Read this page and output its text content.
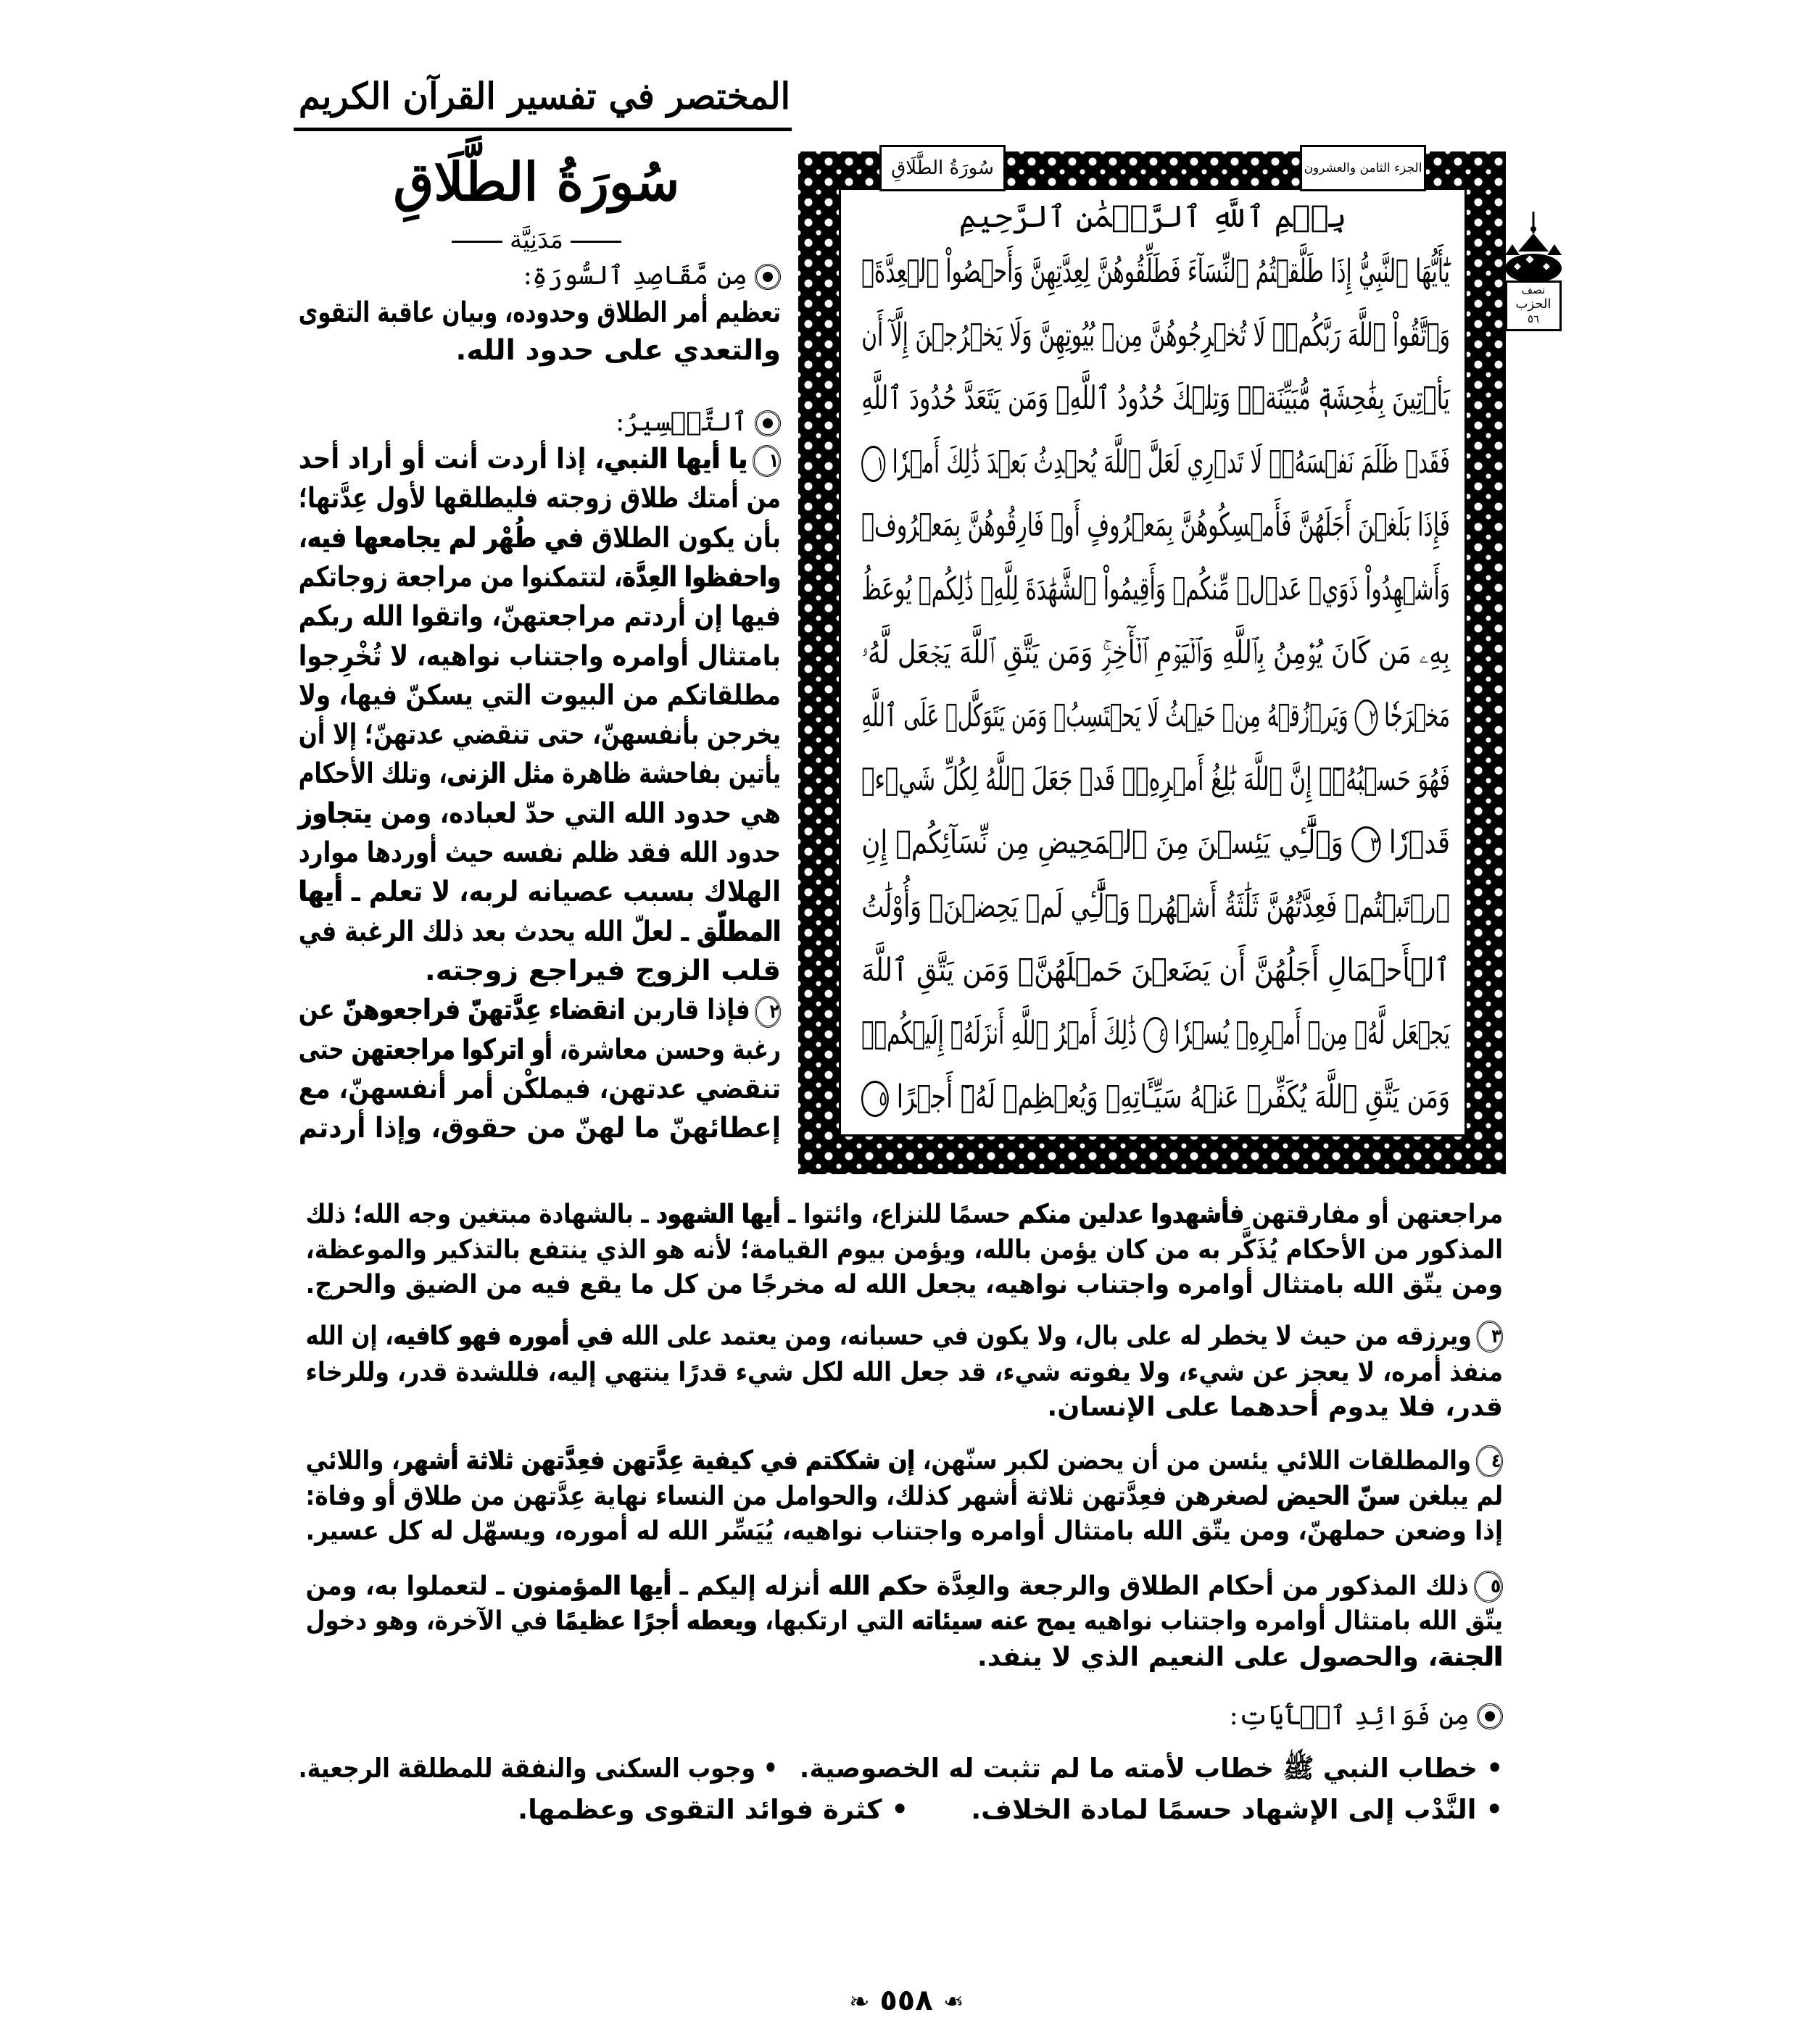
المختصر في تفسير القرآن الكريم
سُورَةُ الطَّلَاقِ
مَدَنِيَّة
مِن مَّقَاصِدِ ٱلسُّورَةِ:
تعظيم أمر الطلاق وحدوده، وبيان عاقبة التقوى
والتعدي على حدود الله.
ٱلتَّفۡسِيرُ:
١يا أيها النبي، إذا أردت أنت أو أراد أحد
من أمتك طلاق زوجته فليطلقها لأول عِدَّتها؛
بأن يكون الطلاق في طُهْر لم يجامعها فيه،
واحفظوا العِدَّة، لتتمكنوا من مراجعة زوجاتكم
فيها إن أردتم مراجعتهنّ، واتقوا الله ربكم
بامتثال أوامره واجتناب نواهيه، لا تُخْرِجوا
مطلقاتكم من البيوت التي يسكنّ فيها، ولا
يخرجن بأنفسهنّ، حتى تنقضي عدتهنّ؛ إلا أن
يأتين بفاحشة ظاهرة مثل الزنى، وتلك الأحكام
هي حدود الله التي حدّ لعباده، ومن يتجاوز
حدود الله فقد ظلم نفسه حيث أوردها موارد
الهلاك بسبب عصيانه لربه، لا تعلم ـ أيها
المطلّق ـ لعلّ الله يحدث بعد ذلك الرغبة في
قلب الزوج فيراجع زوجته.
٢فإذا قاربن انقضاء عِدَّتهنّ فراجعوهنّ عن
رغبة وحسن معاشرة، أو اتركوا مراجعتهن حتى
تنقضي عدتهن، فيملكْن أمر أنفسهنّ، مع
إعطائهنّ ما لهنّ من حقوق، وإذا أردتم
مراجعتهن أو مفارقتهن فأشهدوا عدلين منكم حسمًا للنزاع، وائتوا ـ أيها الشهود ـ بالشهادة مبتغين وجه الله؛ ذلك
المذكور من الأحكام يُذَكَّر به من كان يؤمن بالله، ويؤمن بيوم القيامة؛ لأنه هو الذي ينتفع بالتذكير والموعظة،
ومن يتّق الله بامتثال أوامره واجتناب نواهيه، يجعل الله له مخرجًا من كل ما يقع فيه من الضيق والحرج.
٣ويرزقه من حيث لا يخطر له على بال، ولا يكون في حسبانه، ومن يعتمد على الله في أموره فهو كافيه، إن الله
منفذ أمره، لا يعجز عن شيء، ولا يفوته شيء، قد جعل الله لكل شيء قدرًا ينتهي إليه، فللشدة قدر، وللرخاء
قدر، فلا يدوم أحدهما على الإنسان.
٤والمطلقات اللائي يئسن من أن يحضن لكبر سنّهن، إن شككتم في كيفية عِدَّتهن فعِدَّتهن ثلاثة أشهر، واللائي
لم يبلغن سنّ الحيض لصغرهن فعِدَّتهن ثلاثة أشهر كذلك، والحوامل من النساء نهاية عِدَّتهن من طلاق أو وفاة:
إذا وضعن حملهنّ، ومن يتّق الله بامتثال أوامره واجتناب نواهيه، يُيَسِّر الله له أموره، ويسهّل له كل عسير.
٥ذلك المذكور من أحكام الطلاق والرجعة والعِدَّة حكم الله أنزله إليكم ـ أيها المؤمنون ـ لتعملوا به، ومن
يتّق الله بامتثال أوامره واجتناب نواهيه يمح عنه سيئاته التي ارتكبها، ويعطه أجرًا عظيمًا في الآخرة، وهو دخول
الجنة، والحصول على النعيم الذي لا ينفد.
مِن فَوَائِدِ ٱلۡأٓيَاتِ:
الجزء الثامن والعشرون
سُورَةُ الطَّلَاقِ
بِسۡمِ ٱللَّهِ ٱلرَّحۡمَٰنِ ٱلرَّحِيمِ
يَٰٓأَيُّهَا ٱلنَّبِيُّ إِذَا طَلَّقۡتُمُ ٱلنِّسَآءَ فَطَلِّقُوهُنَّ لِعِدَّتِهِنَّ وَأَحۡصُواْ ٱلۡعِدَّةَۖ
وَٱتَّقُواْ ٱللَّهَ رَبَّكُمۡۖ لَا تُخۡرِجُوهُنَّ مِنۢ بُيُوتِهِنَّ وَلَا يَخۡرُجۡنَ إِلَّآ أَن
يَأۡتِينَ بِفَٰحِشَةٖ مُّبَيِّنَةٖۚ وَتِلۡكَ حُدُودُ ٱللَّهِۚ وَمَن يَتَعَدَّ حُدُودَ ٱللَّهِ
فَقَدۡ ظَلَمَ نَفۡسَهُۥۚ لَا تَدۡرِي لَعَلَّ ٱللَّهَ يُحۡدِثُ بَعۡدَ ذَٰلِكَ أَمۡرٗا ١
فَإِذَا بَلَغۡنَ أَجَلَهُنَّ فَأَمۡسِكُوهُنَّ بِمَعۡرُوفٍ أَوۡ فَارِقُوهُنَّ بِمَعۡرُوفٖ
وَأَشۡهِدُواْ ذَوَيۡ عَدۡلٖ مِّنكُمۡ وَأَقِيمُواْ ٱلشَّهَٰدَةَ لِلَّهِۚ ذَٰلِكُمۡ يُوعَظُ
بِهِۦ مَن كَانَ يُؤۡمِنُ بِٱللَّهِ وَٱلۡيَوۡمِ ٱلۡأٓخِرِۚ وَمَن يَتَّقِ ٱللَّهَ يَجۡعَل لَّهُۥ
مَخۡرَجٗا ٢ وَيَرۡزُقۡهُ مِنۡ حَيۡثُ لَا يَحۡتَسِبُۚ وَمَن يَتَوَكَّلۡ عَلَى ٱللَّهِ
فَهُوَ حَسۡبُهُۥٓۚ إِنَّ ٱللَّهَ بَٰلِغُ أَمۡرِهِۦۚ قَدۡ جَعَلَ ٱللَّهُ لِكُلِّ شَيۡءٖ
قَدۡرٗا ٣ وَٱلَّٰٓـِٔي يَئِسۡنَ مِنَ ٱلۡمَحِيضِ مِن نِّسَآئِكُمۡ إِنِ
ٱرۡتَبۡتُمۡ فَعِدَّتُهُنَّ ثَلَٰثَةُ أَشۡهُرٖ وَٱلَّٰٓـِٔي لَمۡ يَحِضۡنَۚ وَأُوْلَٰتُ
ٱلۡأَحۡمَالِ أَجَلُهُنَّ أَن يَضَعۡنَ حَمۡلَهُنَّۚ وَمَن يَتَّقِ ٱللَّهَ
يَجۡعَل لَّهُۥ مِنۡ أَمۡرِهِۦ يُسۡرٗا ٤ ذَٰلِكَ أَمۡرُ ٱللَّهِ أَنزَلَهُۥٓ إِلَيۡكُمۡۚ
وَمَن يَتَّقِ ٱللَّهَ يُكَفِّرۡ عَنۡهُ سَيِّـَٔاتِهِۦ وَيُعۡظِمۡ لَهُۥٓ أَجۡرًا ٥
نصف
الحزب
٥٦
• خطاب النبي ﷺ خطاب لأمته ما لم تثبت له الخصوصية.
• وجوب السكنى والنفقة للمطلقة الرجعية.
• النَّدْب إلى الإشهاد حسمًا لمادة الخلاف.
• كثرة فوائد التقوى وعظمها.
❧ ٥٥٨ ❧
